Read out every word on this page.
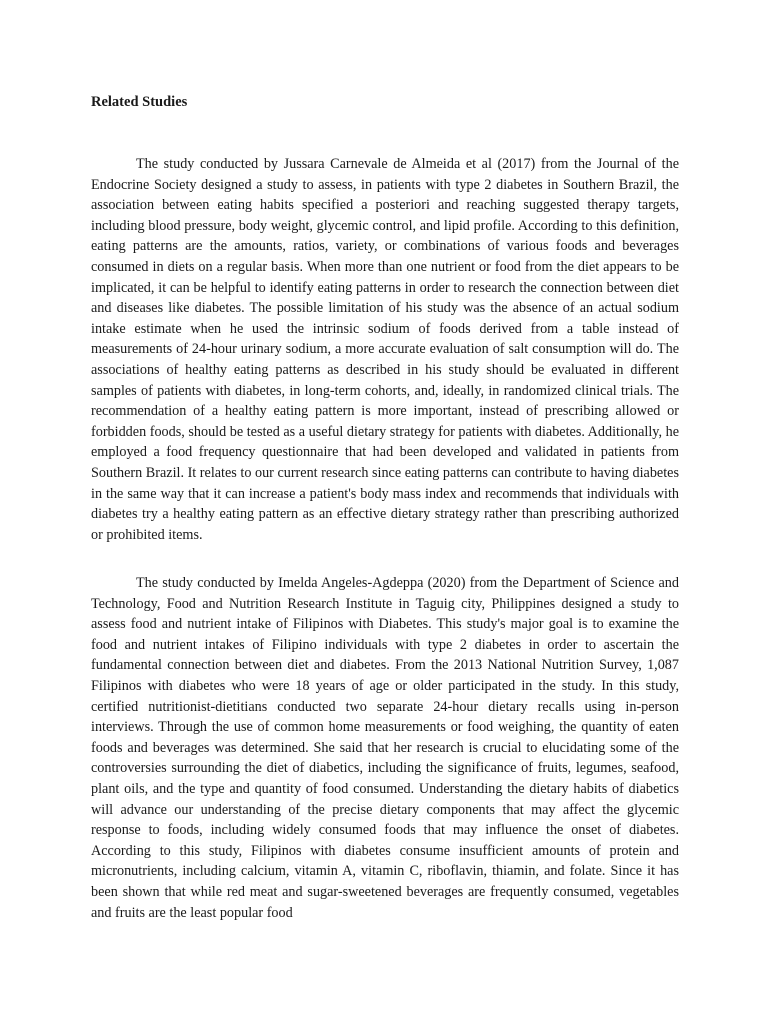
Related Studies

The study conducted by Jussara Carnevale de Almeida et al (2017) from the Journal of the Endocrine Society designed a study to assess, in patients with type 2 diabetes in Southern Brazil, the association between eating habits specified a posteriori and reaching suggested therapy targets, including blood pressure, body weight, glycemic control, and lipid profile. According to this definition, eating patterns are the amounts, ratios, variety, or combinations of various foods and beverages consumed in diets on a regular basis. When more than one nutrient or food from the diet appears to be implicated, it can be helpful to identify eating patterns in order to research the connection between diet and diseases like diabetes. The possible limitation of his study was the absence of an actual sodium intake estimate when he used the intrinsic sodium of foods derived from a table instead of measurements of 24-hour urinary sodium, a more accurate evaluation of salt consumption will do. The associations of healthy eating patterns as described in his study should be evaluated in different samples of patients with diabetes, in long-term cohorts, and, ideally, in randomized clinical trials. The recommendation of a healthy eating pattern is more important, instead of prescribing allowed or forbidden foods, should be tested as a useful dietary strategy for patients with diabetes. Additionally, he employed a food frequency questionnaire that had been developed and validated in patients from Southern Brazil. It relates to our current research since eating patterns can contribute to having diabetes in the same way that it can increase a patient's body mass index and recommends that individuals with diabetes try a healthy eating pattern as an effective dietary strategy rather than prescribing authorized or prohibited items.

The study conducted by Imelda Angeles-Agdeppa (2020) from the Department of Science and Technology, Food and Nutrition Research Institute in Taguig city, Philippines designed a study to assess food and nutrient intake of Filipinos with Diabetes. This study's major goal is to examine the food and nutrient intakes of Filipino individuals with type 2 diabetes in order to ascertain the fundamental connection between diet and diabetes. From the 2013 National Nutrition Survey, 1,087 Filipinos with diabetes who were 18 years of age or older participated in the study. In this study, certified nutritionist-dietitians conducted two separate 24-hour dietary recalls using in-person interviews. Through the use of common home measurements or food weighing, the quantity of eaten foods and beverages was determined. She said that her research is crucial to elucidating some of the controversies surrounding the diet of diabetics, including the significance of fruits, legumes, seafood, plant oils, and the type and quantity of food consumed. Understanding the dietary habits of diabetics will advance our understanding of the precise dietary components that may affect the glycemic response to foods, including widely consumed foods that may influence the onset of diabetes. According to this study, Filipinos with diabetes consume insufficient amounts of protein and micronutrients, including calcium, vitamin A, vitamin C, riboflavin, thiamin, and folate. Since it has been shown that while red meat and sugar-sweetened beverages are frequently consumed, vegetables and fruits are the least popular food
